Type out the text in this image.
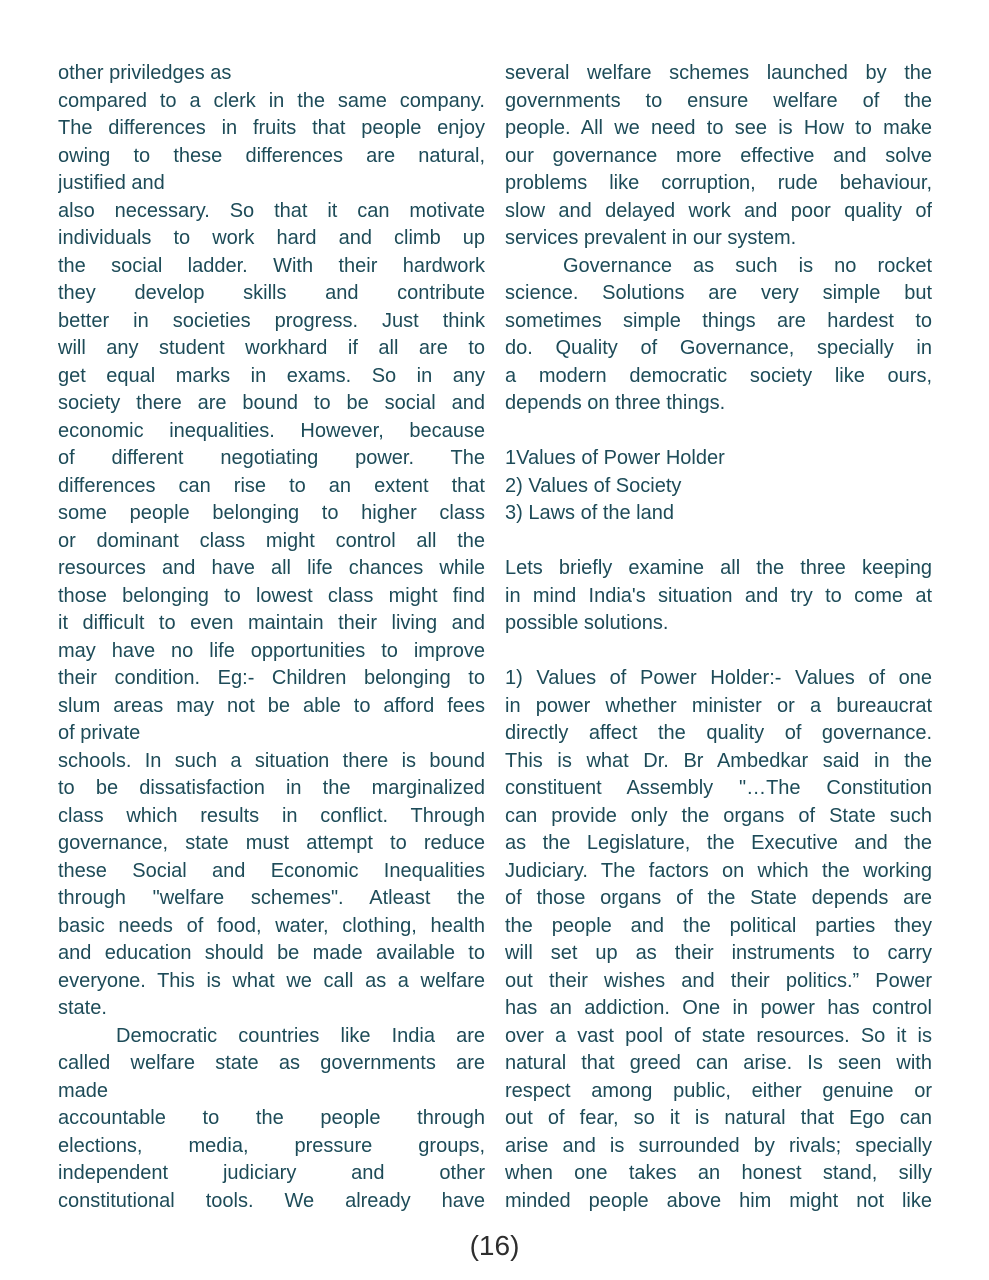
other priviledges as
compared to a clerk in the same company.
The differences in fruits that people enjoy
owing to these differences are natural,
justified and
also necessary. So that it can motivate
individuals to work hard and climb up
the social ladder. With their hardwork
they develop skills and contribute
better in societies progress. Just think
will any student workhard if all are to
get equal marks in exams. So in any
society there are bound to be social and
economic inequalities. However, because
of different negotiating power. The
differences can rise to an extent that
some people belonging to higher class
or dominant class might control all the
resources and have all life chances while
those belonging to lowest class might find
it difficult to even maintain their living and
may have no life opportunities to improve
their condition. Eg:- Children belonging to
slum areas may not be able to afford fees
of private
schools. In such a situation there is bound
to be dissatisfaction in the marginalized
class which results in conflict. Through
governance, state must attempt to reduce
these Social and Economic Inequalities
through "welfare schemes". Atleast the
basic needs of food, water, clothing, health
and education should be made available to
everyone. This is what we call as a welfare
state.
Democratic countries like India are
called welfare state as governments are
made
accountable to the people through
elections, media, pressure groups,
independent judiciary and other
constitutional tools. We already have
several welfare schemes launched by the
governments to ensure welfare of the
people. All we need to see is How to make
our governance more effective and solve
problems like corruption, rude behaviour,
slow and delayed work and poor quality of
services prevalent in our system.
Governance as such is no rocket
science. Solutions are very simple but
sometimes simple things are hardest to
do. Quality of Governance, specially in
a modern democratic society like ours,
depends on three things.
1Values of Power Holder
2) Values of Society
3) Laws of the land
Lets briefly examine all the three keeping
in mind India's situation and try to come at
possible solutions.
1) Values of Power Holder:- Values of one
in power whether minister or a bureaucrat
directly affect the quality of governance.
This is what Dr. Br Ambedkar said in the
constituent Assembly "…The Constitution
can provide only the organs of State such
as the Legislature, the Executive and the
Judiciary. The factors on which the working
of those organs of the State depends are
the people and the political parties they
will set up as their instruments to carry
out their wishes and their politics.” Power
has an addiction. One in power has control
over a vast pool of state resources. So it is
natural that greed can arise. Is seen with
respect among public, either genuine or
out of fear, so it is natural that Ego can
arise and is surrounded by rivals; specially
when one takes an honest stand, silly
minded people above him might not like
(16)
